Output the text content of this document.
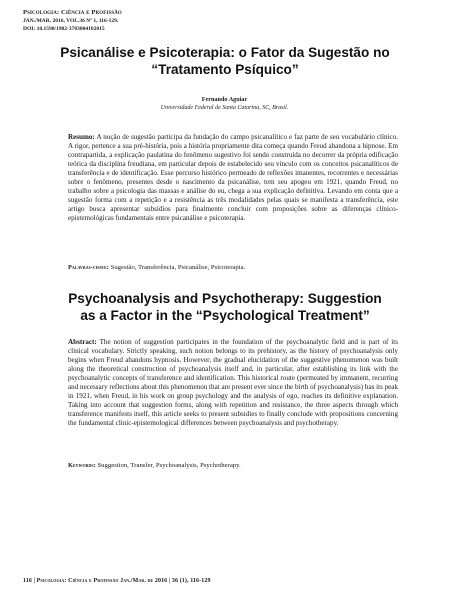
Psicologia: Ciência e Profissão
JAN./MAR. 2016, VOL.36 Nº 1, 116-129.
DOI: 10.1590/1982-3703004102015
Psicanálise e Psicoterapia: o Fator da Sugestão no “Tratamento Psíquico”
Fernando Aguiar
Universidade Federal de Santa Catarina, SC, Brasil.
Resumo: A noção de sugestão participa da fundação do campo psicanalítico e faz parte de seu vocabulário clínico. A rigor, pertence a sua pré-história, pois a história propriamente dita começa quando Freud abandona a hipnose. Em contrapartida, a explicação paulatina do fenômeno sugestivo foi sendo construída no decorrer da própria edificação teórica da disciplina freudiana, em particular depois de estabelecido seu vínculo com os conceitos psicanalíticos de transferência e de identificação. Esse percurso histórico permeado de reflexões imanentes, recorrentes e necessárias sobre o fenômeno, presentes desde o nascimento da psicanálise, tem seu apogeu em 1921, quando Freud, no trabalho sobre a psicologia das massas e análise do eu, chega a sua explicação definitiva. Levando em conta que a sugestão forma com a repetição e a resistência as três modalidades pelas quais se manifesta a transferência, este artigo busca apresentar subsídios para finalmente concluir com proposições sobre as diferenças clínico-epistemológicas fundamentais entre psicanálise e psicoterapia.
Palavras-chave: Sugestão, Transferência, Psicanálise, Psicoterapia.
Psychoanalysis and Psychotherapy: Suggestion as a Factor in the “Psychological Treatment”
Abstract: The notion of suggestion participates in the foundation of the psychoanalytic field and is part of its clinical vocabulary. Strictly speaking, such notion belongs to its prehistory, as the history of psychoanalysis only begins when Freud abandons hypnosis. However, the gradual elucidation of the suggestive phenomenon was built along the theoretical construction of psychoanalysis itself and, in particular, after establishing its link with the psychoanalytic concepts of transference and identification. This historical route (permeated by immanent, recurring and necessary reflections about this phenomenon that are present ever since the birth of psychoanalysis) has its peak in 1921, when Freud, in his work on group psychology and the analysis of ego, reaches its definitive explanation. Taking into account that suggestion forms, along with repetition and resistance, the three aspects through which transference manifests itself, this article seeks to present subsidies to finally conclude with propositions concerning the fundamental clinic-epistemological differences between psychoanalysis and psychotherapy.
Keywords: Suggestion, Transfer, Psychoanalysis, Psychotherapy.
116 | Psicologia: Ciência e Profissão Jan./Mar. de 2016 | 36 (1), 116-129
